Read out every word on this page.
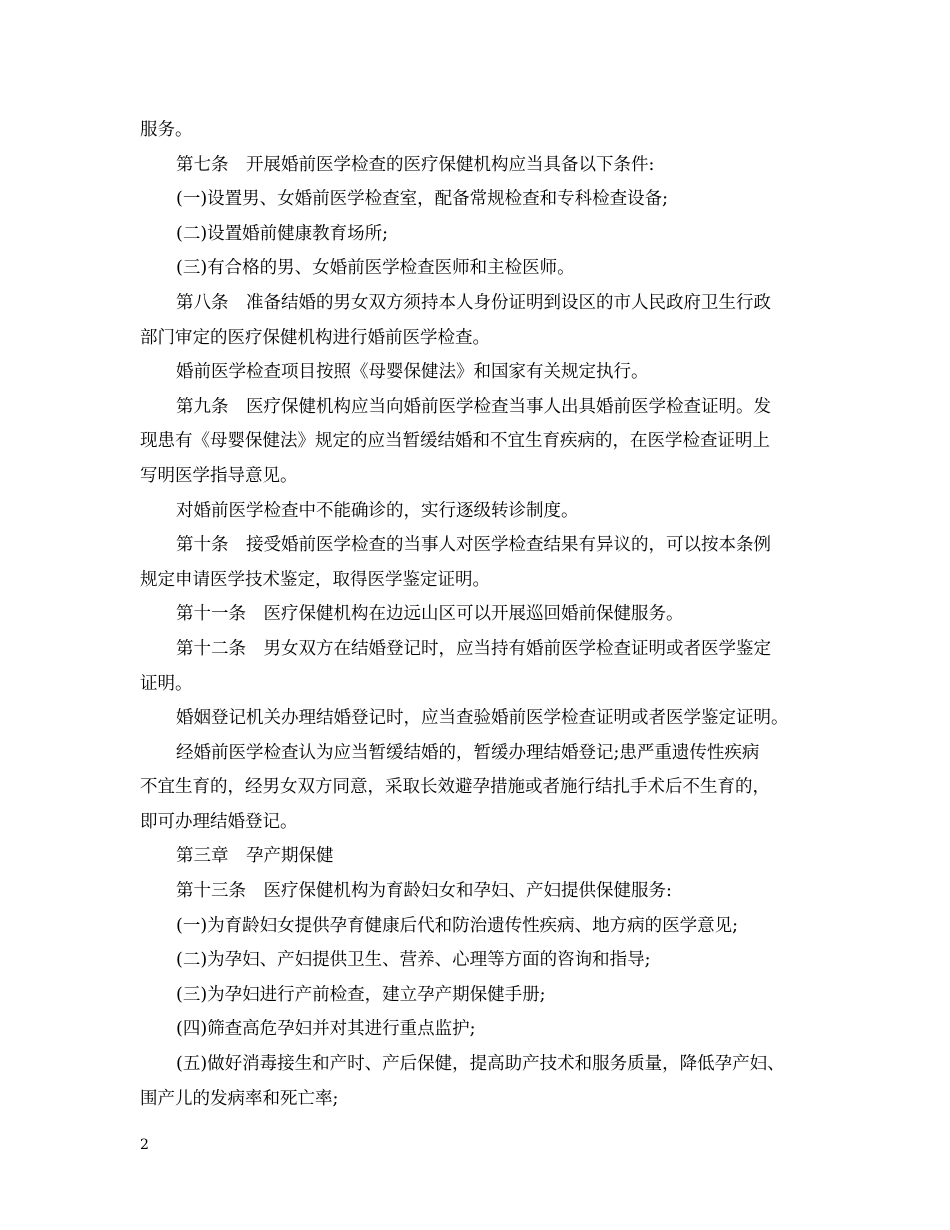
服务。
第七条　开展婚前医学检查的医疗保健机构应当具备以下条件:
(一)设置男、女婚前医学检查室，配备常规检查和专科检查设备;
(二)设置婚前健康教育场所;
(三)有合格的男、女婚前医学检查医师和主检医师。
第八条　准备结婚的男女双方须持本人身份证明到设区的市人民政府卫生行政
部门审定的医疗保健机构进行婚前医学检查。
婚前医学检查项目按照《母婴保健法》和国家有关规定执行。
第九条　医疗保健机构应当向婚前医学检查当事人出具婚前医学检查证明。发
现患有《母婴保健法》规定的应当暂缓结婚和不宜生育疾病的，在医学检查证明上
写明医学指导意见。
对婚前医学检查中不能确诊的，实行逐级转诊制度。
第十条　接受婚前医学检查的当事人对医学检查结果有异议的，可以按本条例
规定申请医学技术鉴定，取得医学鉴定证明。
第十一条　医疗保健机构在边远山区可以开展巡回婚前保健服务。
第十二条　男女双方在结婚登记时，应当持有婚前医学检查证明或者医学鉴定
证明。
婚姻登记机关办理结婚登记时，应当查验婚前医学检查证明或者医学鉴定证明。
经婚前医学检查认为应当暂缓结婚的，暂缓办理结婚登记;患严重遗传性疾病
不宜生育的，经男女双方同意，采取长效避孕措施或者施行结扎手术后不生育的，
即可办理结婚登记。
第三章　孕产期保健
第十三条　医疗保健机构为育龄妇女和孕妇、产妇提供保健服务:
(一)为育龄妇女提供孕育健康后代和防治遗传性疾病、地方病的医学意见;
(二)为孕妇、产妇提供卫生、营养、心理等方面的咨询和指导;
(三)为孕妇进行产前检查，建立孕产期保健手册;
(四)筛查高危孕妇并对其进行重点监护;
(五)做好消毒接生和产时、产后保健，提高助产技术和服务质量，降低孕产妇、
围产儿的发病率和死亡率;
2
